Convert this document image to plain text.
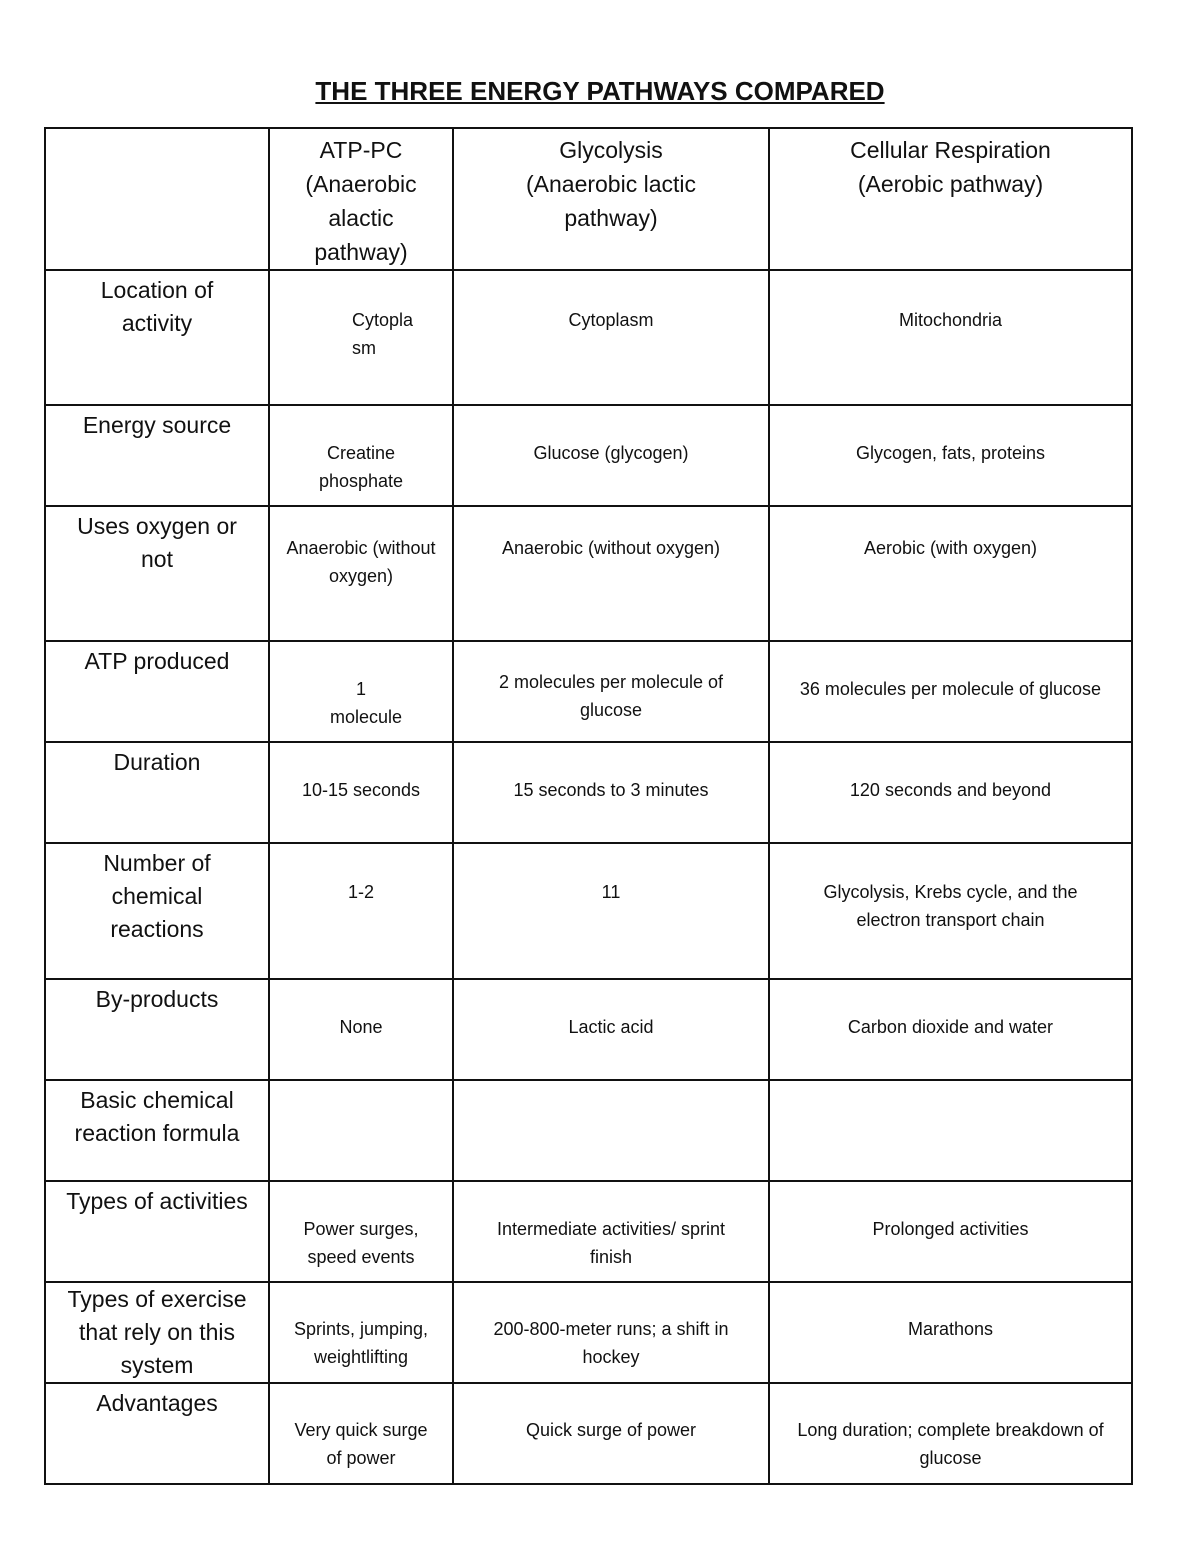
THE THREE ENERGY PATHWAYS COMPARED
	ATP-PC
(Anaerobic
alactic
pathway)	Glycolysis
(Anaerobic lactic
pathway)	Cellular Respiration
(Aerobic pathway)
Location of
activity	Cytoplasm	Cytoplasm	Mitochondria

Energy source	Creatine phosphate	Glucose (glycogen)	Glycogen, fats, proteins

Uses oxygen or
not	Anaerobic (without oxygen)	Anaerobic (without oxygen)	Aerobic (with oxygen)

ATP produced	1 molecule	2 molecules per molecule of glucose	36 molecules per molecule of glucose

Duration	10-15 seconds	15 seconds to 3 minutes	120 seconds and beyond

Number of
chemical
reactions	1-2	11	Glycolysis, Krebs cycle, and the electron transport chain

By-products	None	Lactic acid	Carbon dioxide and water

Basic chemical
reaction formula	

Types of activities	Power surges, speed events	Intermediate activities/ sprint finish	Prolonged activities

Types of exercise
that rely on this
system	Sprints, jumping, weightlifting	200-800-meter runs; a shift in hockey	Marathons

Advantages	Very quick surge of power	Quick surge of power	Long duration; complete breakdown of glucose
